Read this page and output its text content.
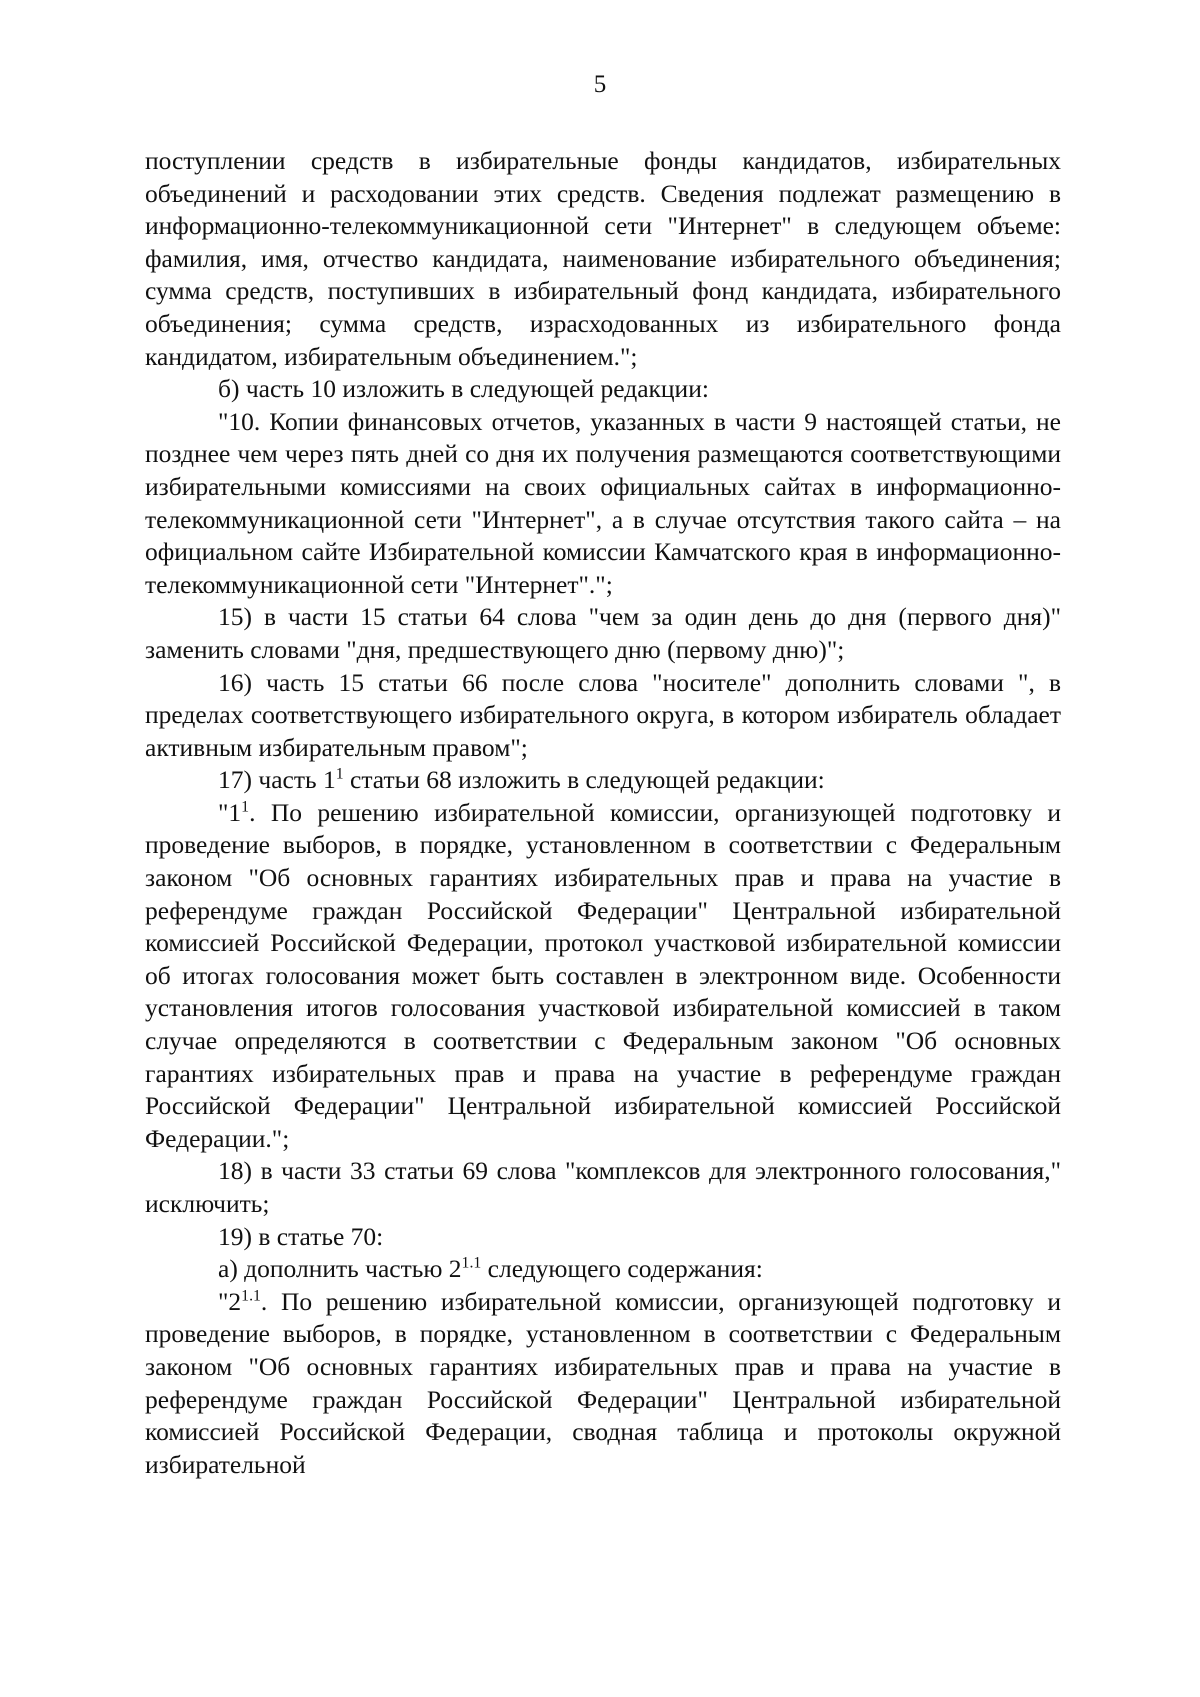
5

поступлении средств в избирательные фонды кандидатов, избирательных объединений и расходовании этих средств. Сведения подлежат размещению в информационно-телекоммуникационной сети "Интернет" в следующем объеме: фамилия, имя, отчество кандидата, наименование избирательного объединения; сумма средств, поступивших в избирательный фонд кандидата, избирательного объединения; сумма средств, израсходованных из избирательного фонда кандидатом, избирательным объединением.";

б) часть 10 изложить в следующей редакции:

"10. Копии финансовых отчетов, указанных в части 9 настоящей статьи, не позднее чем через пять дней со дня их получения размещаются соответствующими избирательными комиссиями на своих официальных сайтах в информационно-телекоммуникационной сети "Интернет", а в случае отсутствия такого сайта – на официальном сайте Избирательной комиссии Камчатского края в информационно-телекоммуникационной сети "Интернет".";

15) в части 15 статьи 64 слова "чем за один день до дня (первого дня)" заменить словами "дня, предшествующего дню (первому дню)";

16) часть 15 статьи 66 после слова "носителе" дополнить словами ", в пределах соответствующего избирательного округа, в котором избиратель обладает активным избирательным правом";

17) часть $1^1$ статьи 68 изложить в следующей редакции:

"$1^1$. По решению избирательной комиссии, организующей подготовку и проведение выборов, в порядке, установленном в соответствии с Федеральным законом "Об основных гарантиях избирательных прав и права на участие в референдуме граждан Российской Федерации" Центральной избирательной комиссией Российской Федерации, протокол участковой избирательной комиссии об итогах голосования может быть составлен в электронном виде. Особенности установления итогов голосования участковой избирательной комиссией в таком случае определяются в соответствии с Федеральным законом "Об основных гарантиях избирательных прав и права на участие в референдуме граждан Российской Федерации" Центральной избирательной комиссией Российской Федерации.";

18) в части 33 статьи 69 слова "комплексов для электронного голосования," исключить;

19) в статье 70:

а) дополнить частью $2^{1.1}$ следующего содержания:

"$2^{1.1}$. По решению избирательной комиссии, организующей подготовку и проведение выборов, в порядке, установленном в соответствии с Федеральным законом "Об основных гарантиях избирательных прав и права на участие в референдуме граждан Российской Федерации" Центральной избирательной комиссией Российской Федерации, сводная таблица и протоколы окружной избирательной
